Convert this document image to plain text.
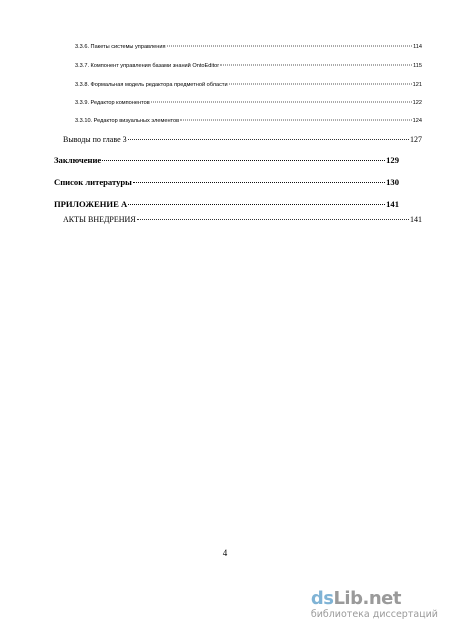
3.3.6. Пакеты системы управления	114
3.3.7. Компонент управления базами знаний OntoEditor	115
3.3.8. Формальная модель редактора предметной области	121
3.3.9. Редактор компонентов	122
3.3.10. Редактор визуальных элементов	124
Выводы по главе 3	127
Заключение	129
Список литературы	130
ПРИЛОЖЕНИЕ А	141
АКТЫ ВНЕДРЕНИЯ	141
4
dsLib.net
библиотека диссертаций
